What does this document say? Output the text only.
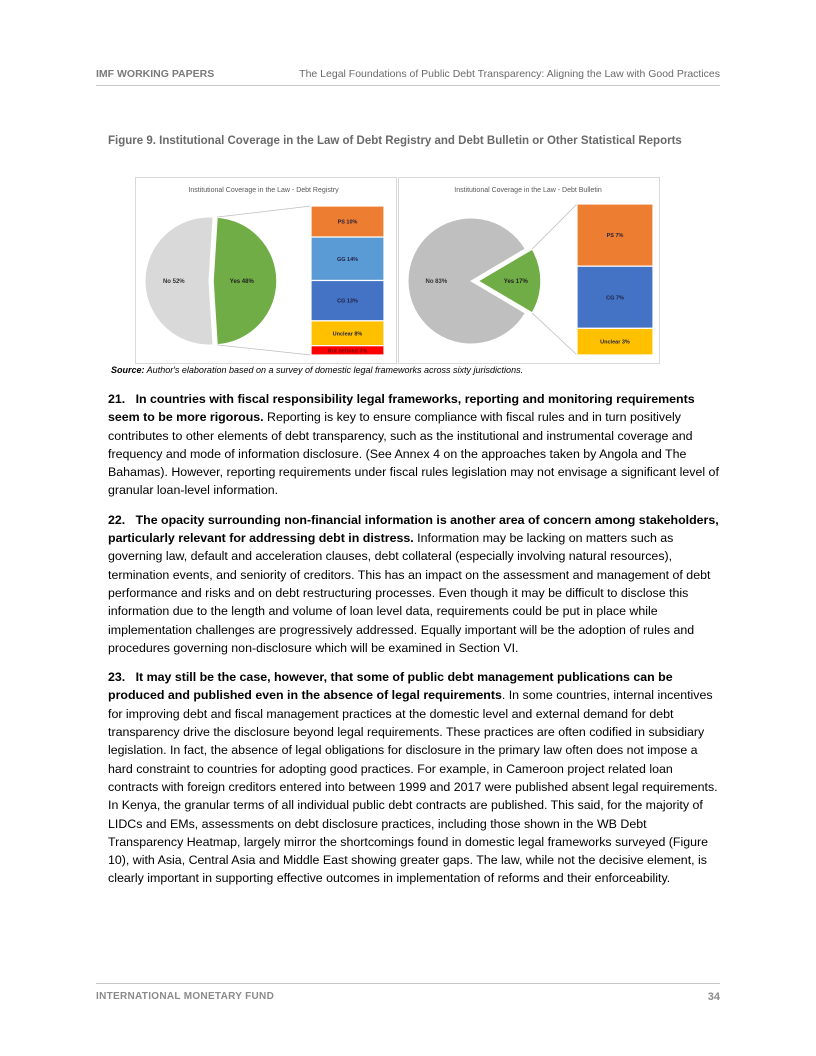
IMF WORKING PAPERS	The Legal Foundations of Public Debt Transparency: Aligning the Law with Good Practices
Figure 9. Institutional Coverage in the Law of Debt Registry and Debt Bulletin or Other Statistical Reports
Institutional Coverage in the Law - Debt Registry
No 52%	Yes 48%
PS 10%
GG 14%
CG 13%
Unclear 8%
Not defined 3%
Institutional Coverage in the Law - Debt Bulletin
No 83%	Yes 17%
PS 7%
CG 7%
Unclear 3%
Source: Author's elaboration based on a survey of domestic legal frameworks across sixty jurisdictions.

21. In countries with fiscal responsibility legal frameworks, reporting and monitoring requirements seem to be more rigorous. Reporting is key to ensure compliance with fiscal rules and in turn positively contributes to other elements of debt transparency, such as the institutional and instrumental coverage and frequency and mode of information disclosure. (See Annex 4 on the approaches taken by Angola and The Bahamas). However, reporting requirements under fiscal rules legislation may not envisage a significant level of granular loan-level information.

22. The opacity surrounding non-financial information is another area of concern among stakeholders, particularly relevant for addressing debt in distress. Information may be lacking on matters such as governing law, default and acceleration clauses, debt collateral (especially involving natural resources), termination events, and seniority of creditors. This has an impact on the assessment and management of debt performance and risks and on debt restructuring processes. Even though it may be difficult to disclose this information due to the length and volume of loan level data, requirements could be put in place while implementation challenges are progressively addressed. Equally important will be the adoption of rules and procedures governing non-disclosure which will be examined in Section VI.

23. It may still be the case, however, that some of public debt management publications can be produced and published even in the absence of legal requirements. In some countries, internal incentives for improving debt and fiscal management practices at the domestic level and external demand for debt transparency drive the disclosure beyond legal requirements. These practices are often codified in subsidiary legislation. In fact, the absence of legal obligations for disclosure in the primary law often does not impose a hard constraint to countries for adopting good practices. For example, in Cameroon project related loan contracts with foreign creditors entered into between 1999 and 2017 were published absent legal requirements. In Kenya, the granular terms of all individual public debt contracts are published. This said, for the majority of LIDCs and EMs, assessments on debt disclosure practices, including those shown in the WB Debt Transparency Heatmap, largely mirror the shortcomings found in domestic legal frameworks surveyed (Figure 10), with Asia, Central Asia and Middle East showing greater gaps. The law, while not the decisive element, is clearly important in supporting effective outcomes in implementation of reforms and their enforceability.

INTERNATIONAL MONETARY FUND	34
